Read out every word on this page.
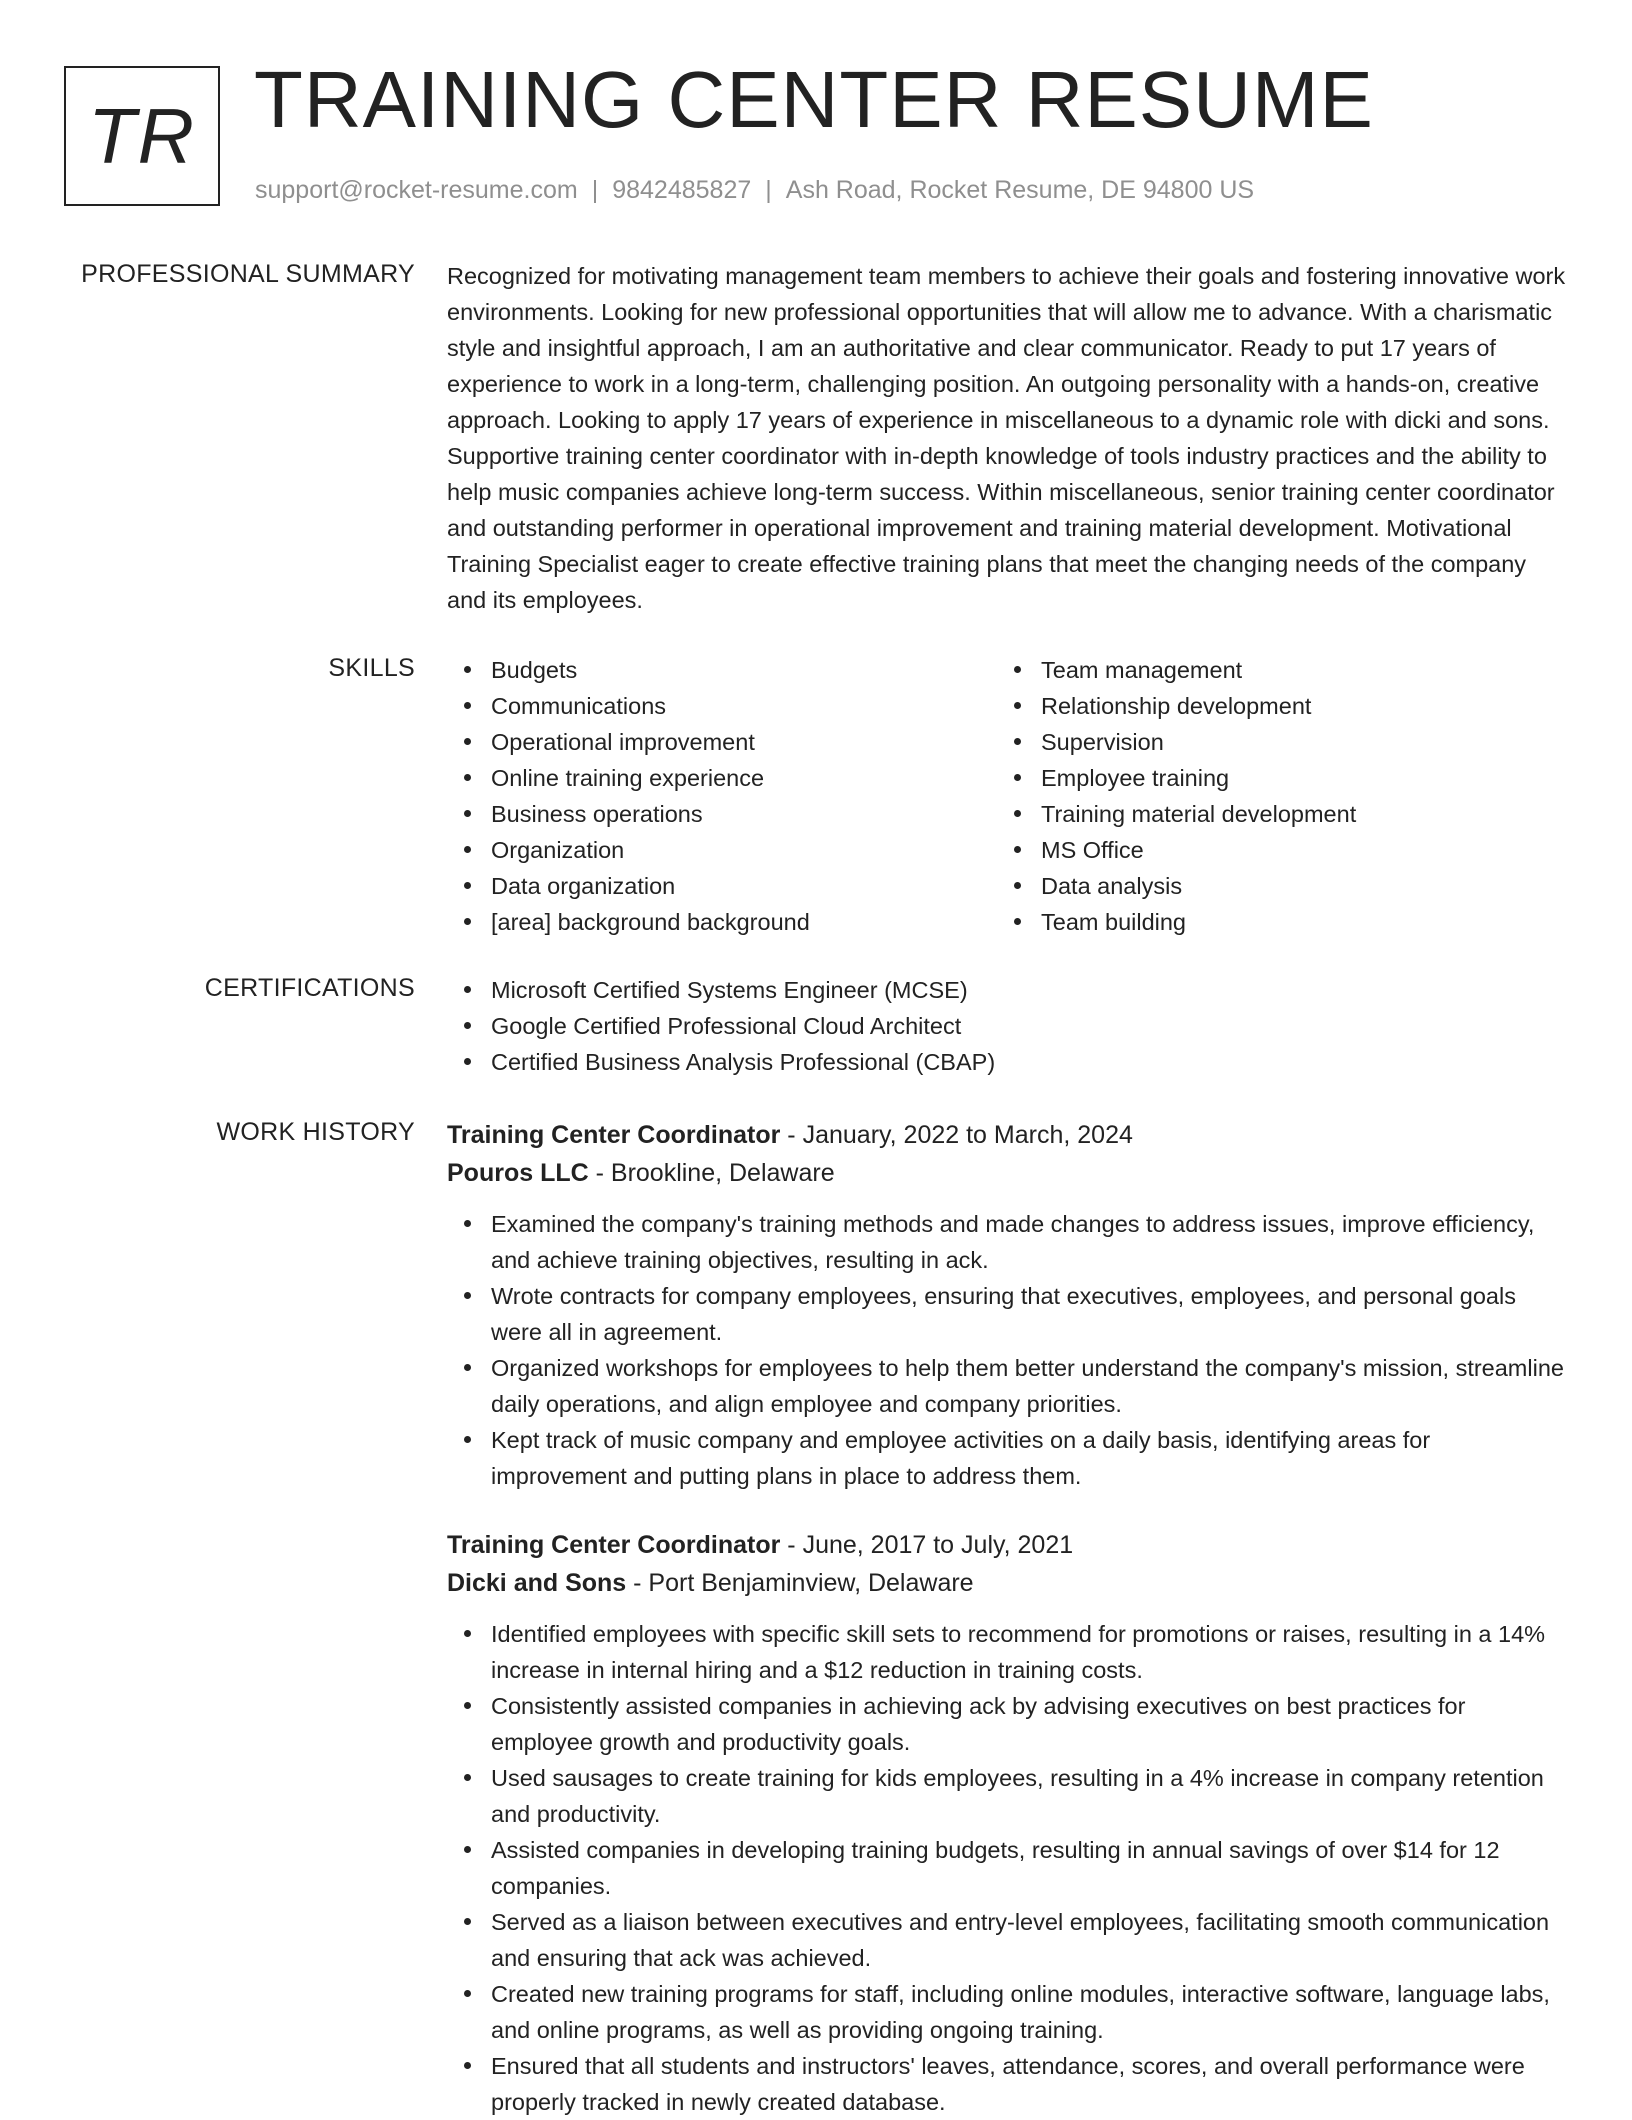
TR TRAINING CENTER RESUME
support@rocket-resume.com | 9842485827 | Ash Road, Rocket Resume, DE 94800 US
PROFESSIONAL SUMMARY Recognized for motivating management team members to achieve their goals and fostering innovative work environments. Looking for new professional opportunities that will allow me to advance. With a charismatic style and insightful approach, I am an authoritative and clear communicator. Ready to put 17 years of experience to work in a long-term, challenging position. An outgoing personality with a hands-on, creative approach. Looking to apply 17 years of experience in miscellaneous to a dynamic role with dicki and sons. Supportive training center coordinator with in-depth knowledge of tools industry practices and the ability to help music companies achieve long-term success. Within miscellaneous, senior training center coordinator and outstanding performer in operational improvement and training material development. Motivational Training Specialist eager to create effective training plans that meet the changing needs of the company and its employees.

SKILLS	Budgets
Communications
Operational improvement
Online training experience
Business operations
Organization
Data organization
[area] background background
Team management
Relationship development
Supervision
Employee training
Training material development
MS Office
Data analysis
Team building
CERTIFICATIONS	Microsoft Certified Systems Engineer (MCSE)
Google Certified Professional Cloud Architect
Certified Business Analysis Professional (CBAP)
WORK HISTORY Training Center Coordinator - January, 2022 to March, 2024
Pouros LLC - Brookline, Delaware
Examined the company's training methods and made changes to address issues, improve efficiency, and achieve training objectives, resulting in ack.
Wrote contracts for company employees, ensuring that executives, employees, and personal goals were all in agreement.
Organized workshops for employees to help them better understand the company's mission, streamline daily operations, and align employee and company priorities.
Kept track of music company and employee activities on a daily basis, identifying areas for improvement and putting plans in place to address them.
Training Center Coordinator - June, 2017 to July, 2021
Dicki and Sons - Port Benjaminview, Delaware
Identified employees with specific skill sets to recommend for promotions or raises, resulting in a 14% increase in internal hiring and a $12 reduction in training costs.
Consistently assisted companies in achieving ack by advising executives on best practices for employee growth and productivity goals.
Used sausages to create training for kids employees, resulting in a 4% increase in company retention and productivity.
Assisted companies in developing training budgets, resulting in annual savings of over $14 for 12 companies.
Served as a liaison between executives and entry-level employees, facilitating smooth communication and ensuring that ack was achieved.
Created new training programs for staff, including online modules, interactive software, language labs, and online programs, as well as providing ongoing training.
Ensured that all students and instructors' leaves, attendance, scores, and overall performance were properly tracked in newly created database.
